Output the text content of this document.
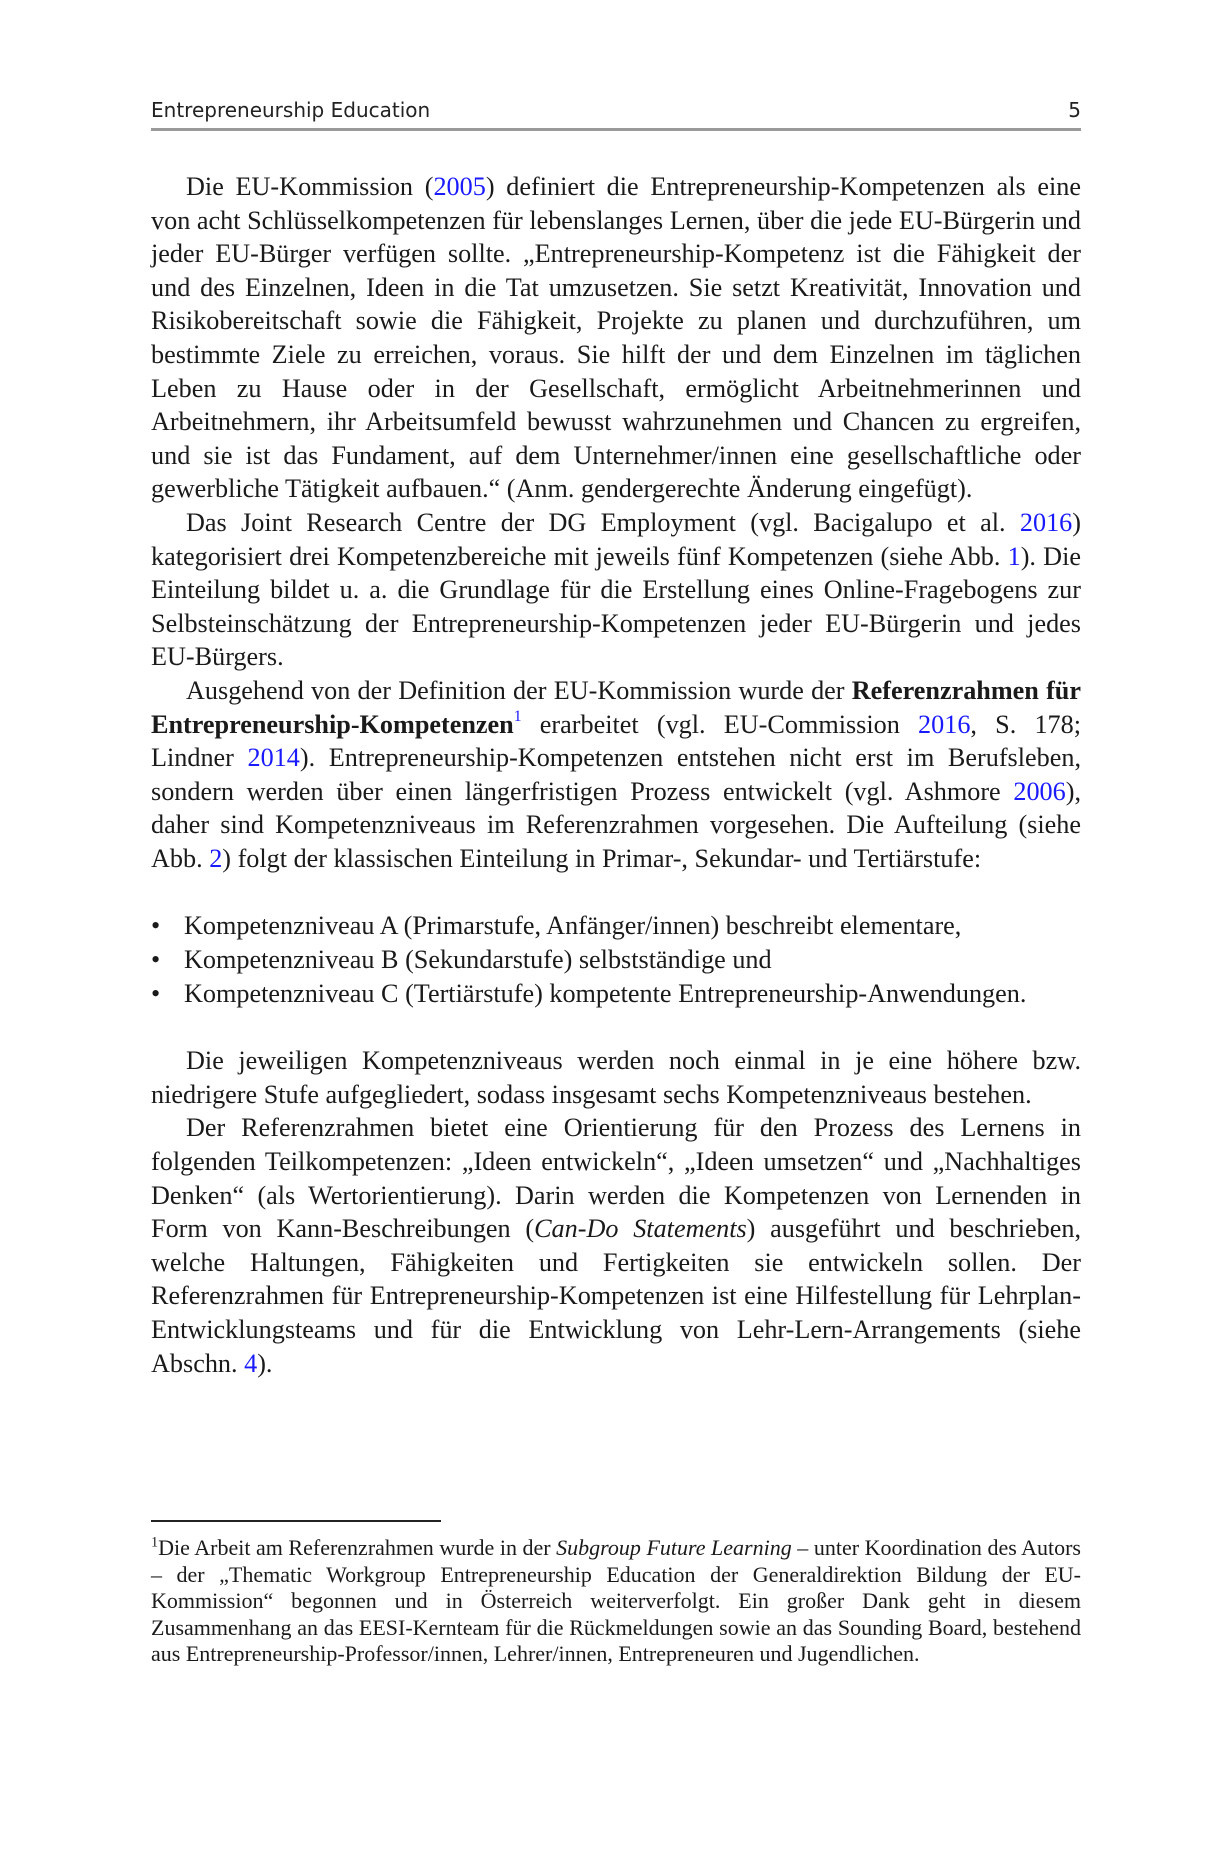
Entrepreneurship Education	5

Die EU-Kommission (2005) definiert die Entrepreneurship-Kompetenzen als eine von acht Schlüsselkompetenzen für lebenslanges Lernen, über die jede EU-Bürgerin und jeder EU-Bürger verfügen sollte. „Entrepreneurship-Kompetenz ist die Fähigkeit der und des Einzelnen, Ideen in die Tat umzusetzen. Sie setzt Kreativität, Innovation und Risikobereitschaft sowie die Fähigkeit, Projekte zu planen und durchzuführen, um bestimmte Ziele zu erreichen, voraus. Sie hilft der und dem Einzelnen im täglichen Leben zu Hause oder in der Gesellschaft, ermöglicht Arbeitnehmerinnen und Arbeitnehmern, ihr Arbeitsumfeld bewusst wahrzunehmen und Chancen zu ergreifen, und sie ist das Fundament, auf dem Unternehmer/innen eine gesellschaftliche oder gewerbliche Tätigkeit aufbauen.“ (Anm. gendergerechte Änderung eingefügt).

Das Joint Research Centre der DG Employment (vgl. Bacigalupo et al. 2016) kategorisiert drei Kompetenzbereiche mit jeweils fünf Kompetenzen (siehe Abb. 1). Die Einteilung bildet u. a. die Grundlage für die Erstellung eines Online-Fragebogens zur Selbsteinschätzung der Entrepreneurship-Kompetenzen jeder EU-Bürgerin und jedes EU-Bürgers.

Ausgehend von der Definition der EU-Kommission wurde der Referenzrahmen für Entrepreneurship-Kompetenzen$^1$ erarbeitet (vgl. EU-Commission 2016, S. 178; Lindner 2014). Entrepreneurship-Kompetenzen entstehen nicht erst im Berufsleben, sondern werden über einen längerfristigen Prozess entwickelt (vgl. Ashmore 2006), daher sind Kompetenzniveaus im Referenzrahmen vorgesehen. Die Aufteilung (siehe Abb. 2) folgt der klassischen Einteilung in Primar-, Sekundar- und Tertiärstufe:

• Kompetenzniveau A (Primarstufe, Anfänger/innen) beschreibt elementare,
• Kompetenzniveau B (Sekundarstufe) selbstständige und
• Kompetenzniveau C (Tertiärstufe) kompetente Entrepreneurship-Anwendungen.

Die jeweiligen Kompetenzniveaus werden noch einmal in je eine höhere bzw. niedrigere Stufe aufgegliedert, sodass insgesamt sechs Kompetenzniveaus bestehen.

Der Referenzrahmen bietet eine Orientierung für den Prozess des Lernens in folgenden Teilkompetenzen: „Ideen entwickeln“, „Ideen umsetzen“ und „Nachhaltiges Denken“ (als Wertorientierung). Darin werden die Kompetenzen von Lernenden in Form von Kann-Beschreibungen (Can-Do Statements) ausgeführt und beschrieben, welche Haltungen, Fähigkeiten und Fertigkeiten sie entwickeln sollen. Der Referenzrahmen für Entrepreneurship-Kompetenzen ist eine Hilfestellung für Lehrplan-Entwicklungsteams und für die Entwicklung von Lehr-Lern-Arrangements (siehe Abschn. 4).

$^1$Die Arbeit am Referenzrahmen wurde in der Subgroup Future Learning – unter Koordination des Autors – der „Thematic Workgroup Entrepreneurship Education der Generaldirektion Bildung der EU-Kommission“ begonnen und in Österreich weiterverfolgt. Ein großer Dank geht in diesem Zusammenhang an das EESI-Kernteam für die Rückmeldungen sowie an das Sounding Board, bestehend aus Entrepreneurship-Professor/innen, Lehrer/innen, Entrepreneuren und Jugendlichen.
